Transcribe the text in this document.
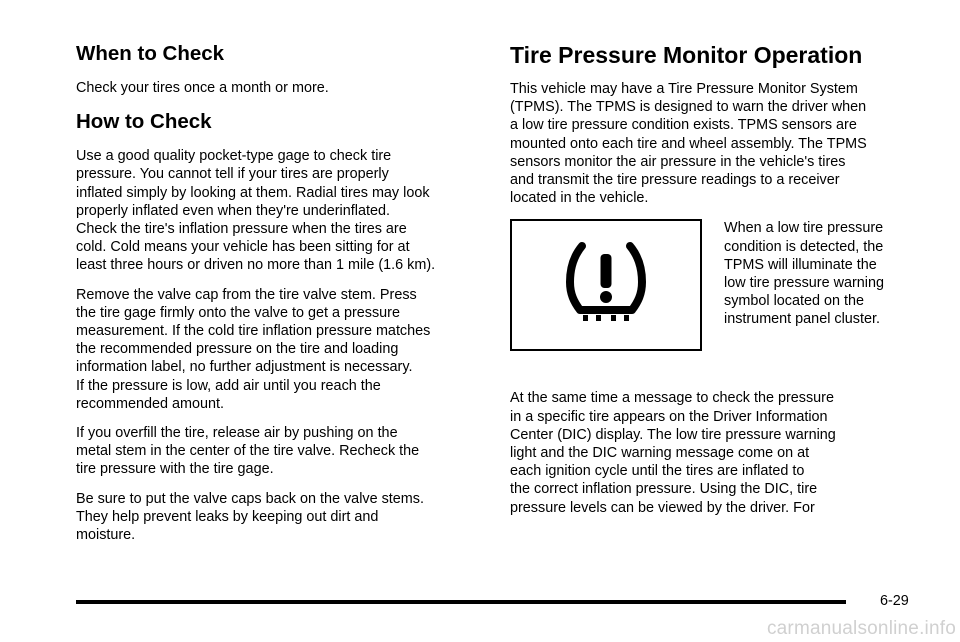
When to Check

Check your tires once a month or more.

How to Check

Use a good quality pocket-type gage to check tire
pressure. You cannot tell if your tires are properly
inflated simply by looking at them. Radial tires may look
properly inflated even when they're underinflated.
Check the tire's inflation pressure when the tires are
cold. Cold means your vehicle has been sitting for at
least three hours or driven no more than 1 mile (1.6 km).

Remove the valve cap from the tire valve stem. Press
the tire gage firmly onto the valve to get a pressure
measurement. If the cold tire inflation pressure matches
the recommended pressure on the tire and loading
information label, no further adjustment is necessary.
If the pressure is low, add air until you reach the
recommended amount.

If you overfill the tire, release air by pushing on the
metal stem in the center of the tire valve. Recheck the
tire pressure with the tire gage.

Be sure to put the valve caps back on the valve stems.
They help prevent leaks by keeping out dirt and
moisture.

Tire Pressure Monitor Operation

This vehicle may have a Tire Pressure Monitor System
(TPMS). The TPMS is designed to warn the driver when
a low tire pressure condition exists. TPMS sensors are
mounted onto each tire and wheel assembly. The TPMS
sensors monitor the air pressure in the vehicle's tires
and transmit the tire pressure readings to a receiver
located in the vehicle.

When a low tire pressure
condition is detected, the
TPMS will illuminate the
low tire pressure warning
symbol located on the
instrument panel cluster.

At the same time a message to check the pressure
in a specific tire appears on the Driver Information
Center (DIC) display. The low tire pressure warning
light and the DIC warning message come on at
each ignition cycle until the tires are inflated to
the correct inflation pressure. Using the DIC, tire
pressure levels can be viewed by the driver. For

6-29
carmanualsonline.info
